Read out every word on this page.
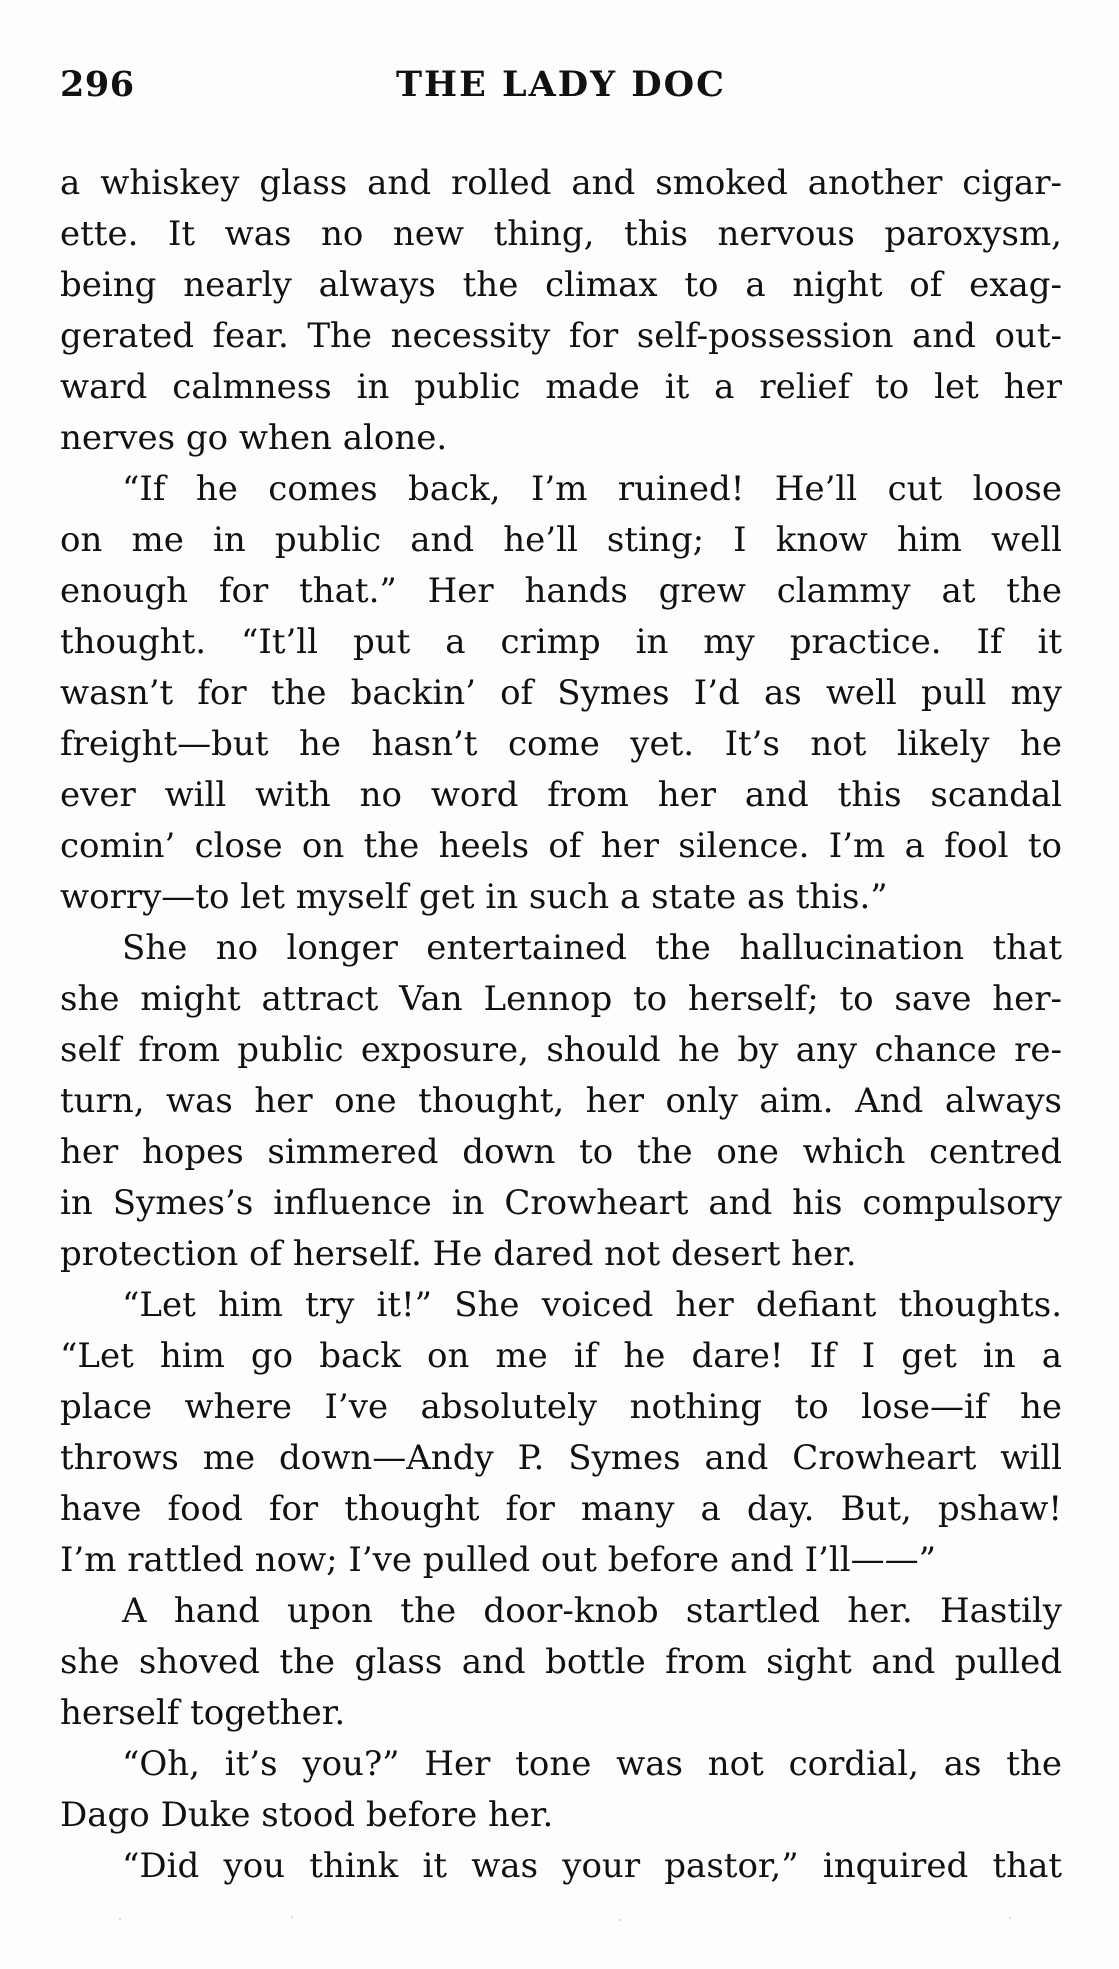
296	THE LADY DOC
a whiskey glass and rolled and smoked another cigar-
ette. It was no new thing, this nervous paroxysm,
being nearly always the climax to a night of exag-
gerated fear. The necessity for self-possession and out-
ward calmness in public made it a relief to let her
nerves go when alone.
“If he comes back, I’m ruined! He’ll cut loose
on me in public and he’ll sting; I know him well
enough for that.” Her hands grew clammy at the
thought. “It’ll put a crimp in my practice. If it
wasn’t for the backin’ of Symes I’d as well pull my
freight—but he hasn’t come yet. It’s not likely he
ever will with no word from her and this scandal
comin’ close on the heels of her silence. I’m a fool to
worry—to let myself get in such a state as this.”
She no longer entertained the hallucination that
she might attract Van Lennop to herself; to save her-
self from public exposure, should he by any chance re-
turn, was her one thought, her only aim. And always
her hopes simmered down to the one which centred
in Symes’s influence in Crowheart and his compulsory
protection of herself. He dared not desert her.
“Let him try it!” She voiced her defiant thoughts.
“Let him go back on me if he dare! If I get in a
place where I’ve absolutely nothing to lose—if he
throws me down—Andy P. Symes and Crowheart will
have food for thought for many a day. But, pshaw!
I’m rattled now; I’ve pulled out before and I’ll——”
A hand upon the door-knob startled her. Hastily
she shoved the glass and bottle from sight and pulled
herself together.
“Oh, it’s you?” Her tone was not cordial, as the
Dago Duke stood before her.
“Did you think it was your pastor,” inquired that
